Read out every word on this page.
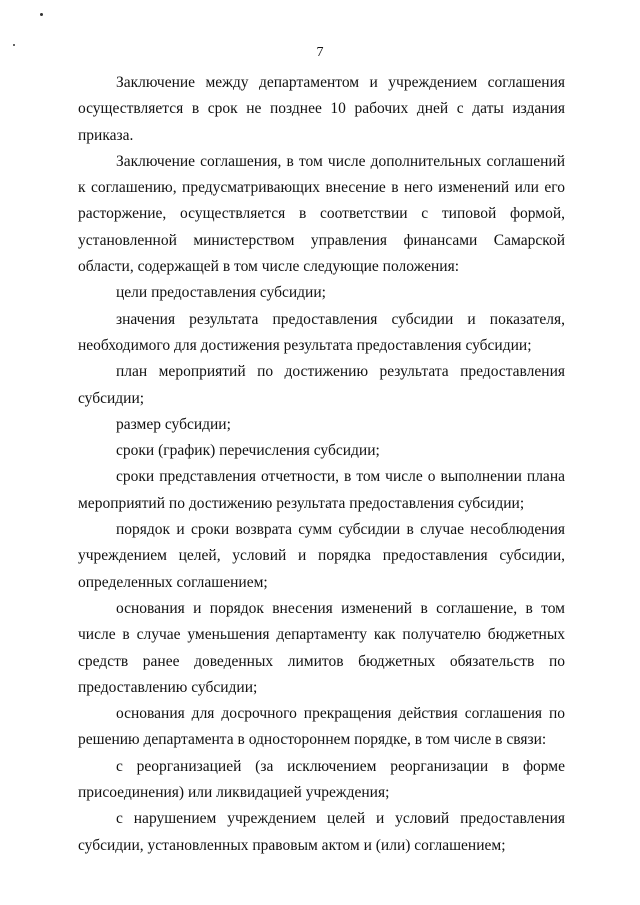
7

Заключение между департаментом и учреждением соглашения осуществляется в срок не позднее 10 рабочих дней с даты издания приказа.

Заключение соглашения, в том числе дополнительных соглашений к соглашению, предусматривающих внесение в него изменений или его расторжение, осуществляется в соответствии с типовой формой, установленной министерством управления финансами Самарской области, содержащей в том числе следующие положения:

цели предоставления субсидии;

значения результата предоставления субсидии и показателя, необходимого для достижения результата предоставления субсидии;

план мероприятий по достижению результата предоставления субсидии;

размер субсидии;

сроки (график) перечисления субсидии;

сроки представления отчетности, в том числе о выполнении плана мероприятий по достижению результата предоставления субсидии;

порядок и сроки возврата сумм субсидии в случае несоблюдения учреждением целей, условий и порядка предоставления субсидии, определенных соглашением;

основания и порядок внесения изменений в соглашение, в том числе в случае уменьшения департаменту как получателю бюджетных средств ранее доведенных лимитов бюджетных обязательств по предоставлению субсидии;

основания для досрочного прекращения действия соглашения по решению департамента в одностороннем порядке, в том числе в связи:

с реорганизацией (за исключением реорганизации в форме присоединения) или ликвидацией учреждения;

с нарушением учреждением целей и условий предоставления субсидии, установленных правовым актом и (или) соглашением;
